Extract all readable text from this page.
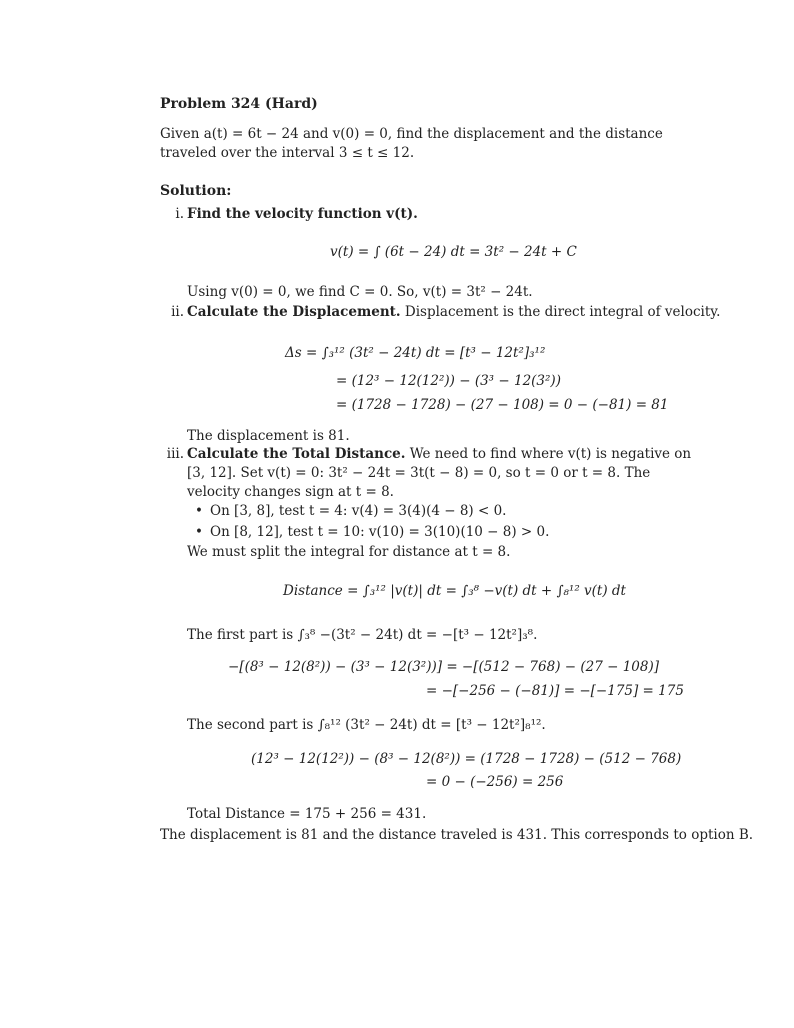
Problem 324 (Hard)
Given a(t) = 6t − 24 and v(0) = 0, find the displacement and the distance traveled over the interval 3 ≤ t ≤ 12.
Solution:
i. Find the velocity function v(t).
v(t) = ∫ (6t − 24) dt = 3t² − 24t + C
Using v(0) = 0, we find C = 0. So, v(t) = 3t² − 24t.
ii. Calculate the Displacement. Displacement is the direct integral of velocity.
Δs = ∫₃¹² (3t² − 24t) dt = [t³ − 12t²]₃¹²
= (12³ − 12(12²)) − (3³ − 12(3²))
= (1728 − 1728) − (27 − 108) = 0 − (−81) = 81
The displacement is 81.
iii. Calculate the Total Distance. We need to find where v(t) is negative on [3, 12]. Set v(t) = 0: 3t² − 24t = 3t(t − 8) = 0, so t = 0 or t = 8. The velocity changes sign at t = 8.
• On [3, 8], test t = 4: v(4) = 3(4)(4 − 8) < 0.
• On [8, 12], test t = 10: v(10) = 3(10)(10 − 8) > 0.
We must split the integral for distance at t = 8.
Distance = ∫₃¹² |v(t)| dt = ∫₃⁸ −v(t) dt + ∫₈¹² v(t) dt
The first part is ∫₃⁸ −(3t² − 24t) dt = −[t³ − 12t²]₃⁸.
−[(8³ − 12(8²)) − (3³ − 12(3²))] = −[(512 − 768) − (27 − 108)]
= −[−256 − (−81)] = −[−175] = 175
The second part is ∫₈¹² (3t² − 24t) dt = [t³ − 12t²]₈¹².
(12³ − 12(12²)) − (8³ − 12(8²)) = (1728 − 1728) − (512 − 768)
= 0 − (−256) = 256
Total Distance = 175 + 256 = 431.
The displacement is 81 and the distance traveled is 431. This corresponds to option B.
